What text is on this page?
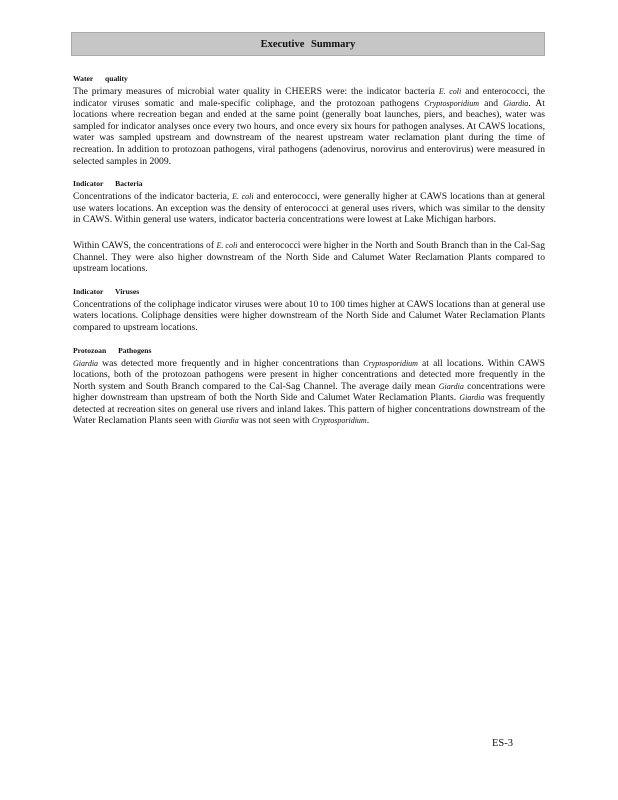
Executive Summary
Water quality
The primary measures of microbial water quality in CHEERS were: the indicator bacteria E. coli and enterococci, the indicator viruses somatic and male-specific coliphage, and the protozoan pathogens Cryptosporidium and Giardia. At locations where recreation began and ended at the same point (generally boat launches, piers, and beaches), water was sampled for indicator analyses once every two hours, and once every six hours for pathogen analyses. At CAWS locations, water was sampled upstream and downstream of the nearest upstream water reclamation plant during the time of recreation. In addition to protozoan pathogens, viral pathogens (adenovirus, norovirus and enterovirus) were measured in selected samples in 2009.
Indicator Bacteria
Concentrations of the indicator bacteria, E. coli and enterococci, were generally higher at CAWS locations than at general use waters locations. An exception was the density of enterococci at general uses rivers, which was similar to the density in CAWS. Within general use waters, indicator bacteria concentrations were lowest at Lake Michigan harbors.
Within CAWS, the concentrations of E. coli and enterococci were higher in the North and South Branch than in the Cal-Sag Channel. They were also higher downstream of the North Side and Calumet Water Reclamation Plants compared to upstream locations.
Indicator Viruses
Concentrations of the coliphage indicator viruses were about 10 to 100 times higher at CAWS locations than at general use waters locations. Coliphage densities were higher downstream of the North Side and Calumet Water Reclamation Plants compared to upstream locations.
Protozoan Pathogens
Giardia was detected more frequently and in higher concentrations than Cryptosporidium at all locations. Within CAWS locations, both of the protozoan pathogens were present in higher concentrations and detected more frequently in the North system and South Branch compared to the Cal-Sag Channel. The average daily mean Giardia concentrations were higher downstream than upstream of both the North Side and Calumet Water Reclamation Plants. Giardia was frequently detected at recreation sites on general use rivers and inland lakes. This pattern of higher concentrations downstream of the Water Reclamation Plants seen with Giardia was not seen with Cryptosporidium.
ES-3
